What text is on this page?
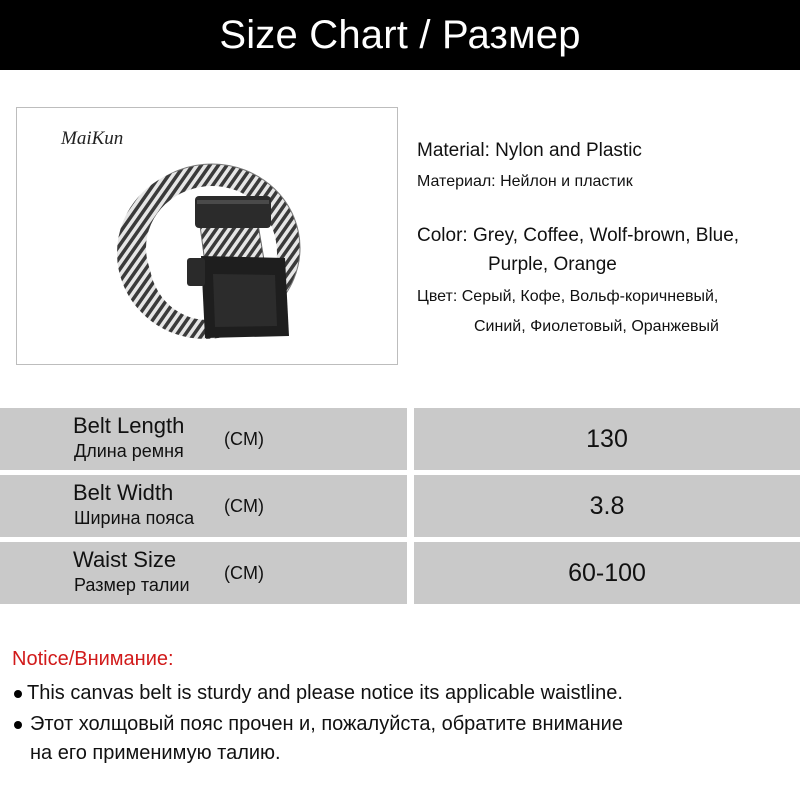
Size Chart / Размер
MaiKun
Material: Nylon and Plastic
Материал: Нейлон и пластик
Color: Grey, Coffee, Wolf-brown, Blue,
Purple, Orange
Цвет: Серый, Кофе, Вольф-коричневый,
Синий, Фиолетовый, Оранжевый
Belt Length
Длина ремня
(CM)	130
Belt Width
Ширина пояса
(CM)	3.8
Waist Size
Размер талии
(CM)	60-100
Notice/Внимание:
This canvas belt is sturdy and please notice its applicable waistline.
Этот холщовый пояс прочен и, пожалуйста, обратите внимание
на его применимую талию.
